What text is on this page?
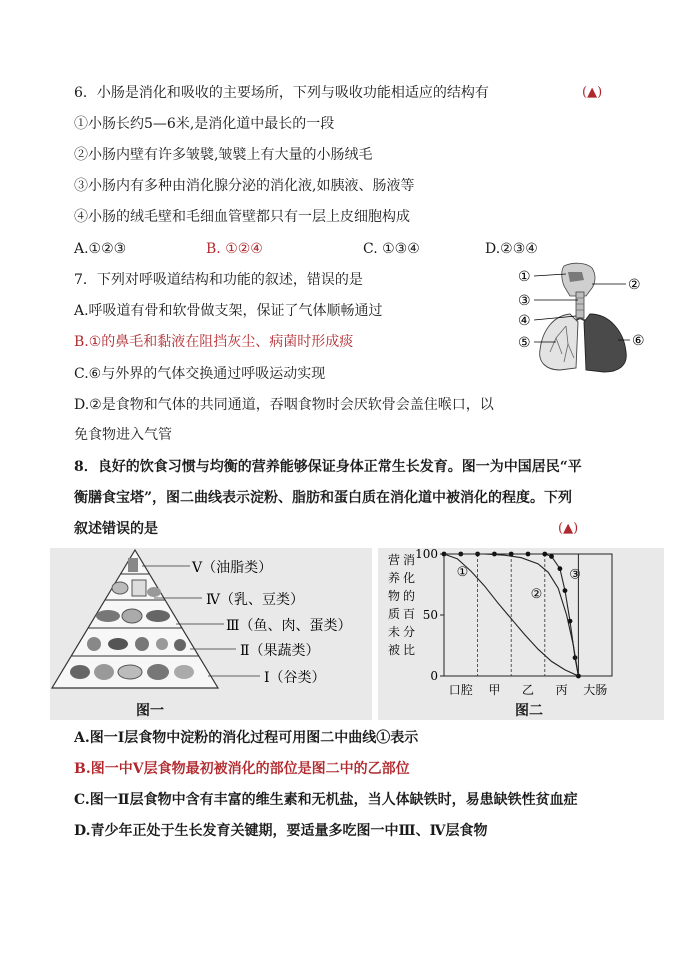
6．小肠是消化和吸收的主要场所，下列与吸收功能相适应的结构有	(▲)
①小肠长约5—6米,是消化道中最长的一段
②小肠内壁有许多皱襞,皱襞上有大量的小肠绒毛
③小肠内有多种由消化腺分泌的消化液,如胰液、肠液等
④小肠的绒毛壁和毛细血管壁都只有一层上皮细胞构成
A.①②③	B. ①②④	C. ①③④	D.②③④
7．下列对呼吸道结构和功能的叙述，错误的是
A.呼吸道有骨和软骨做支架，保证了气体顺畅通过
B.①的鼻毛和黏液在阻挡灰尘、病菌时形成痰
C.⑥与外界的气体交换通过呼吸运动实现
D.②是食物和气体的共同通道，吞咽食物时会厌软骨会盖住喉口，以
免食物进入气管
①	②
③
④
⑤	⑥
8．良好的饮食习惯与均衡的营养能够保证身体正常生长发育。图一为中国居民“平
衡膳食宝塔”，图二曲线表示淀粉、脂肪和蛋白质在消化道中被消化的程度。下列
叙述错误的是	(▲)
Ⅴ（油脂类）
Ⅳ（乳、豆类）
Ⅲ（鱼、肉、蛋类）
Ⅱ（果蔬类）
Ⅰ（谷类）
图一
营
养
物
质
未
被
消
化
的
百
分
比
0
50
100
口腔 甲 乙 丙 大肠
①
②
③
图二
A.图一Ⅰ层食物中淀粉的消化过程可用图二中曲线①表示
B.图一中Ⅴ层食物最初被消化的部位是图二中的乙部位
C.图一Ⅱ层食物中含有丰富的维生素和无机盐，当人体缺铁时，易患缺铁性贫血症
D.青少年正处于生长发育关键期，要适量多吃图一中Ⅲ、Ⅳ层食物
